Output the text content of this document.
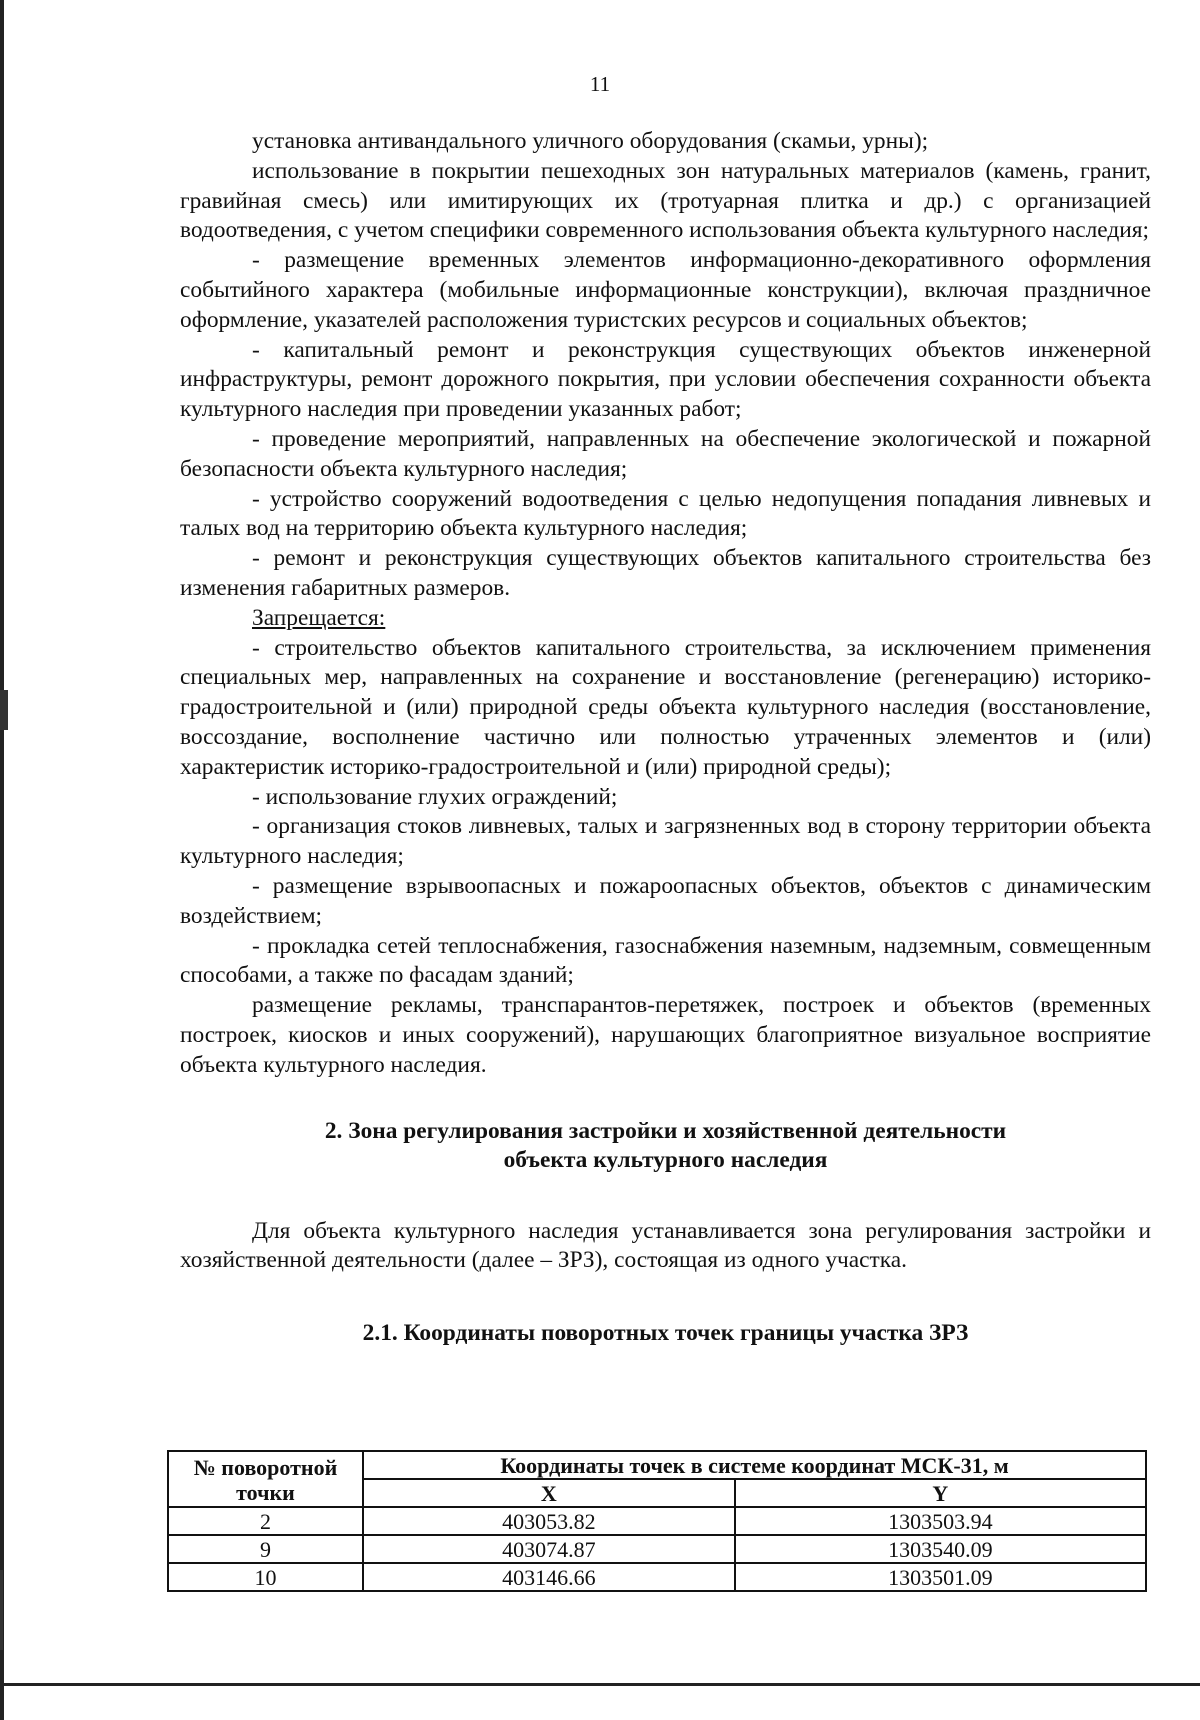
11

установка антивандального уличного оборудования (скамьи, урны);

использование в покрытии пешеходных зон натуральных материалов (камень, гранит, гравийная смесь) или имитирующих их (тротуарная плитка и др.) с организацией водоотведения, с учетом специфики современного использования объекта культурного наследия;

- размещение временных элементов информационно-декоративного оформления событийного характера (мобильные информационные конструкции), включая праздничное оформление, указателей расположения туристских ресурсов и социальных объектов;

- капитальный ремонт и реконструкция существующих объектов инженерной инфраструктуры, ремонт дорожного покрытия, при условии обеспечения сохранности объекта культурного наследия при проведении указанных работ;

- проведение мероприятий, направленных на обеспечение экологической и пожарной безопасности объекта культурного наследия;

- устройство сооружений водоотведения с целью недопущения попадания ливневых и талых вод на территорию объекта культурного наследия;

- ремонт и реконструкция существующих объектов капитального строительства без изменения габаритных размеров.

Запрещается:

- строительство объектов капитального строительства, за исключением применения специальных мер, направленных на сохранение и восстановление (регенерацию) историко-градостроительной и (или) природной среды объекта культурного наследия (восстановление, воссоздание, восполнение частично или полностью утраченных элементов и (или) характеристик историко-градостроительной и (или) природной среды);

- использование глухих ограждений;

- организация стоков ливневых, талых и загрязненных вод в сторону территории объекта культурного наследия;

- размещение взрывоопасных и пожароопасных объектов, объектов с динамическим воздействием;

- прокладка сетей теплоснабжения, газоснабжения наземным, надземным, совмещенным способами, а также по фасадам зданий;

размещение рекламы, транспарантов-перетяжек, построек и объектов (временных построек, киосков и иных сооружений), нарушающих благоприятное визуальное восприятие объекта культурного наследия.

2. Зона регулирования застройки и хозяйственной деятельности
объекта культурного наследия

Для объекта культурного наследия устанавливается зона регулирования застройки и хозяйственной деятельности (далее – ЗРЗ), состоящая из одного участка.

2.1. Координаты поворотных точек границы участка ЗРЗ
№ поворотной
точки	Координаты точек в системе координат МСК-31, м	
	X	Y
2	403053.82	1303503.94
9	403074.87	1303540.09
10	403146.66	1303501.09
